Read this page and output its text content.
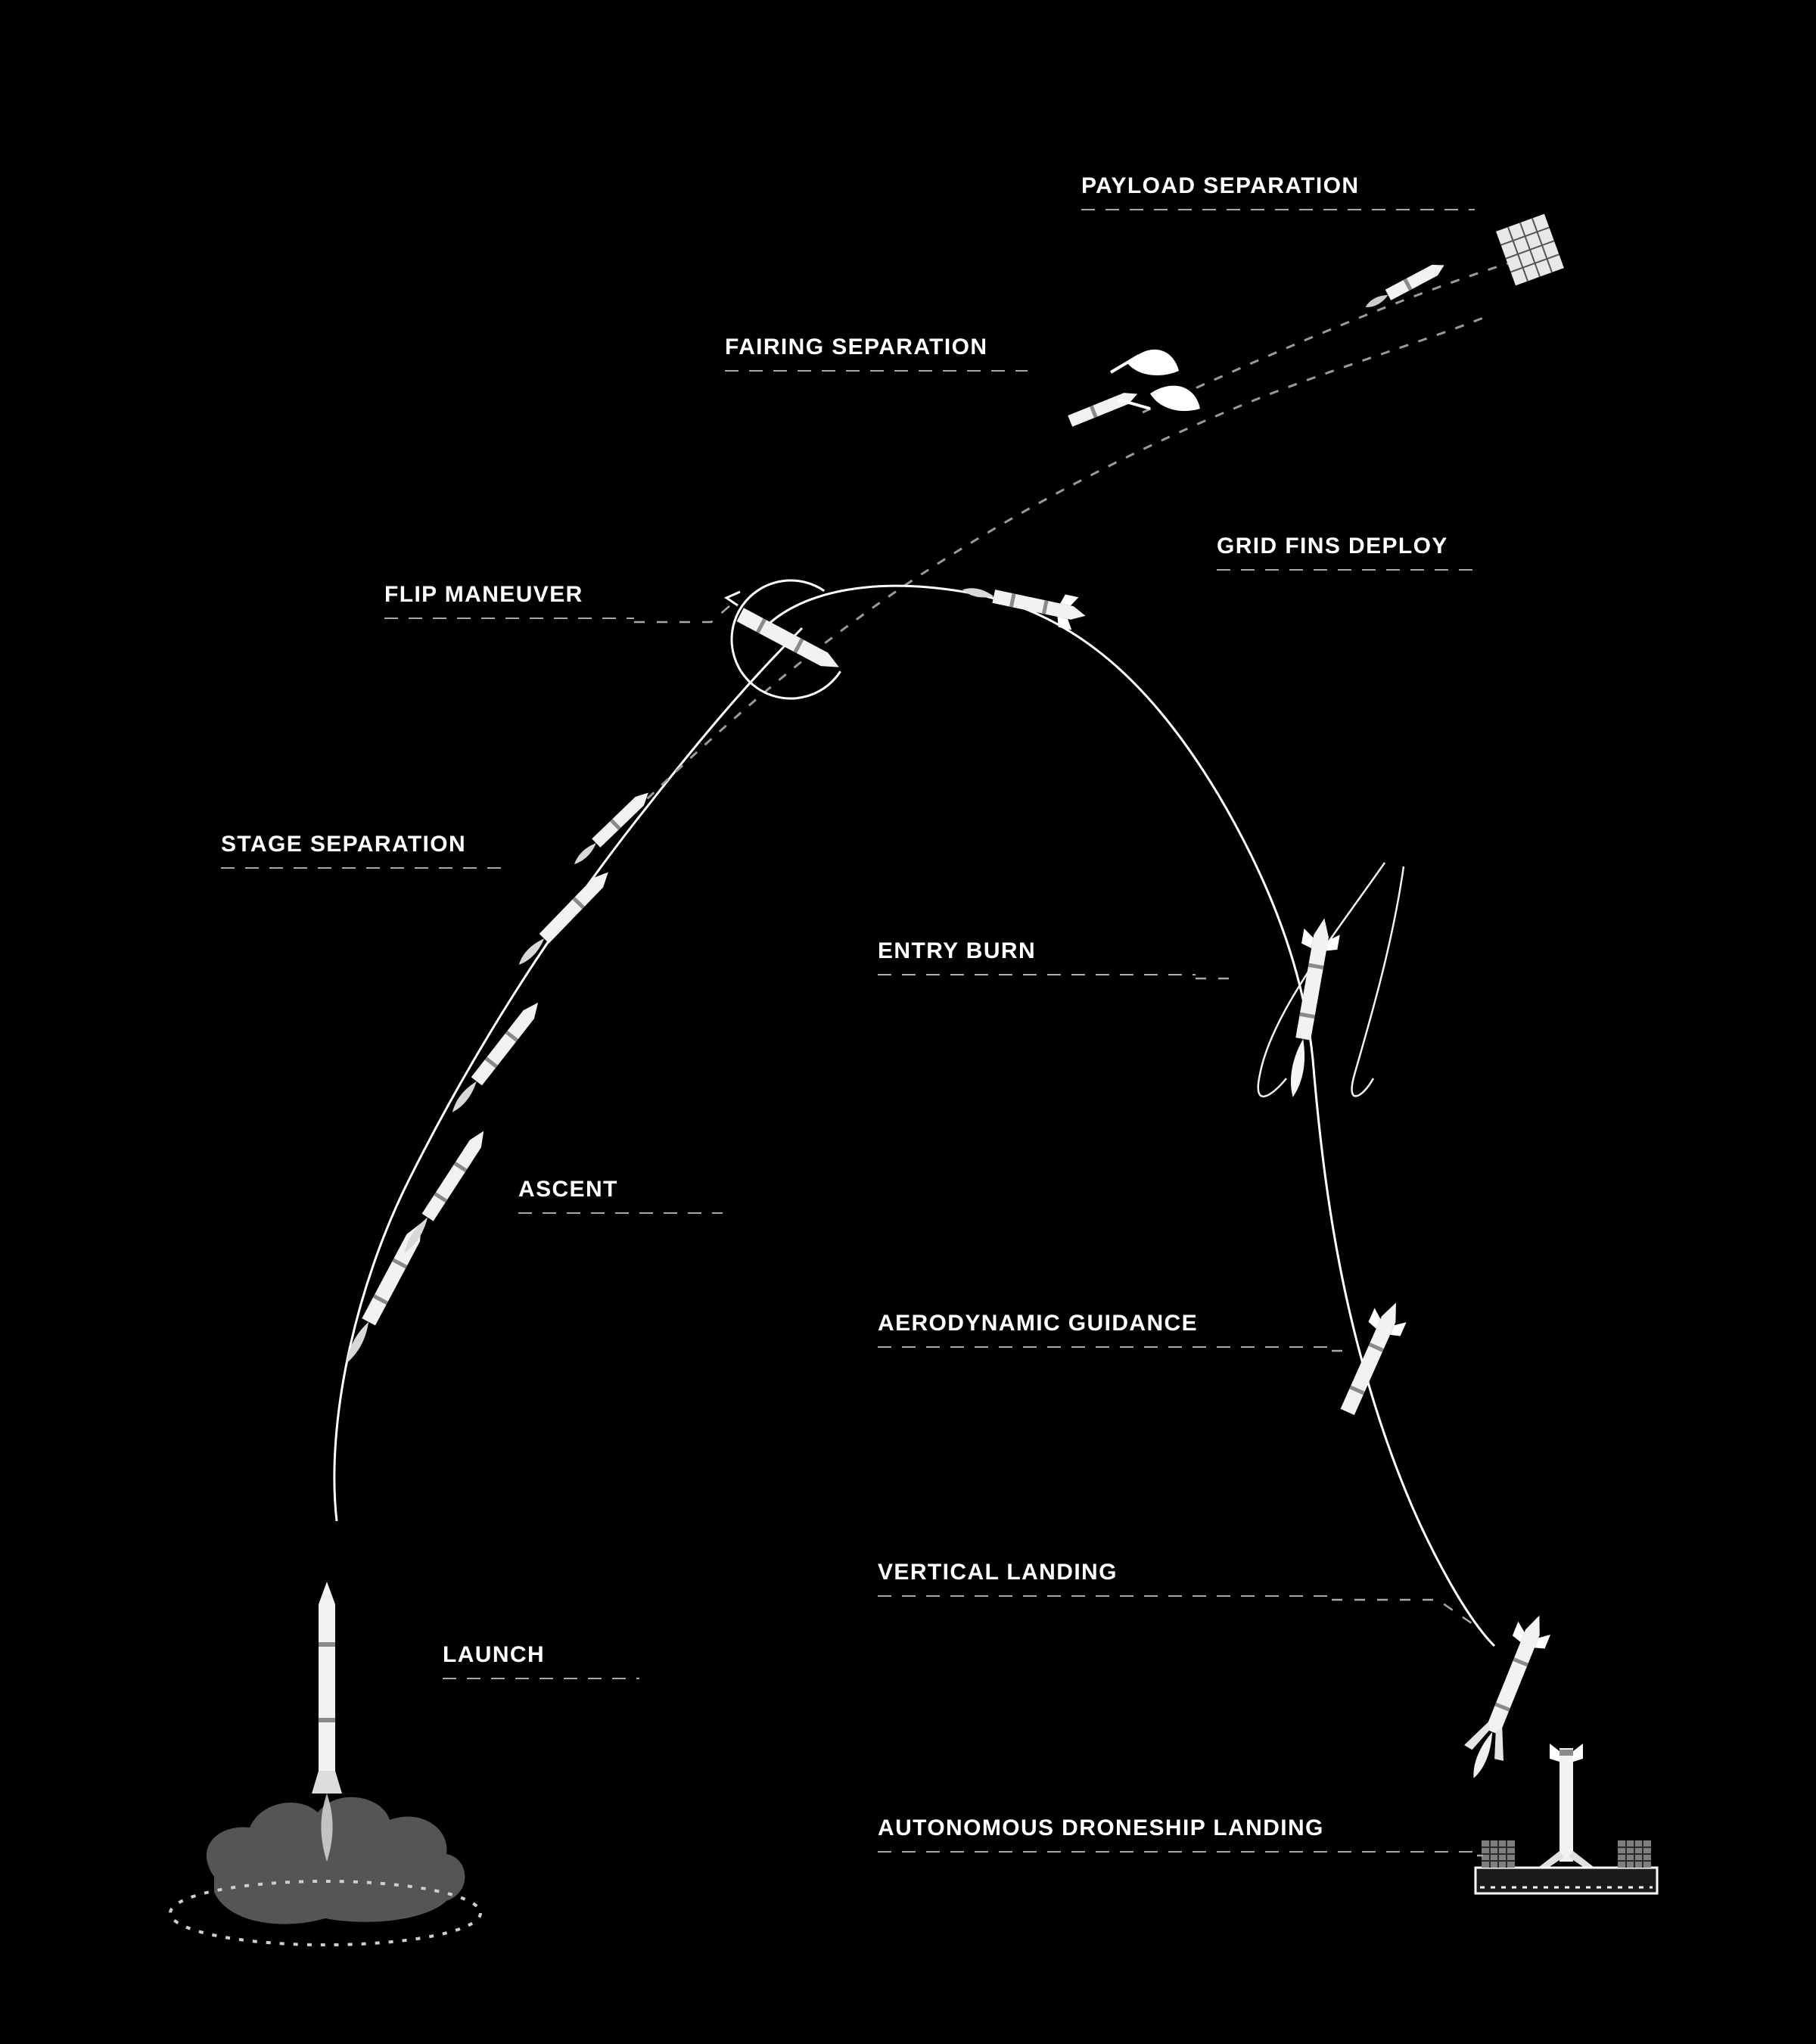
PAYLOAD SEPARATION
FAIRING SEPARATION
GRID FINS DEPLOY
FLIP MANEUVER
STAGE SEPARATION
ENTRY BURN
ASCENT
AERODYNAMIC GUIDANCE
VERTICAL LANDING
LAUNCH
AUTONOMOUS DRONESHIP LANDING
